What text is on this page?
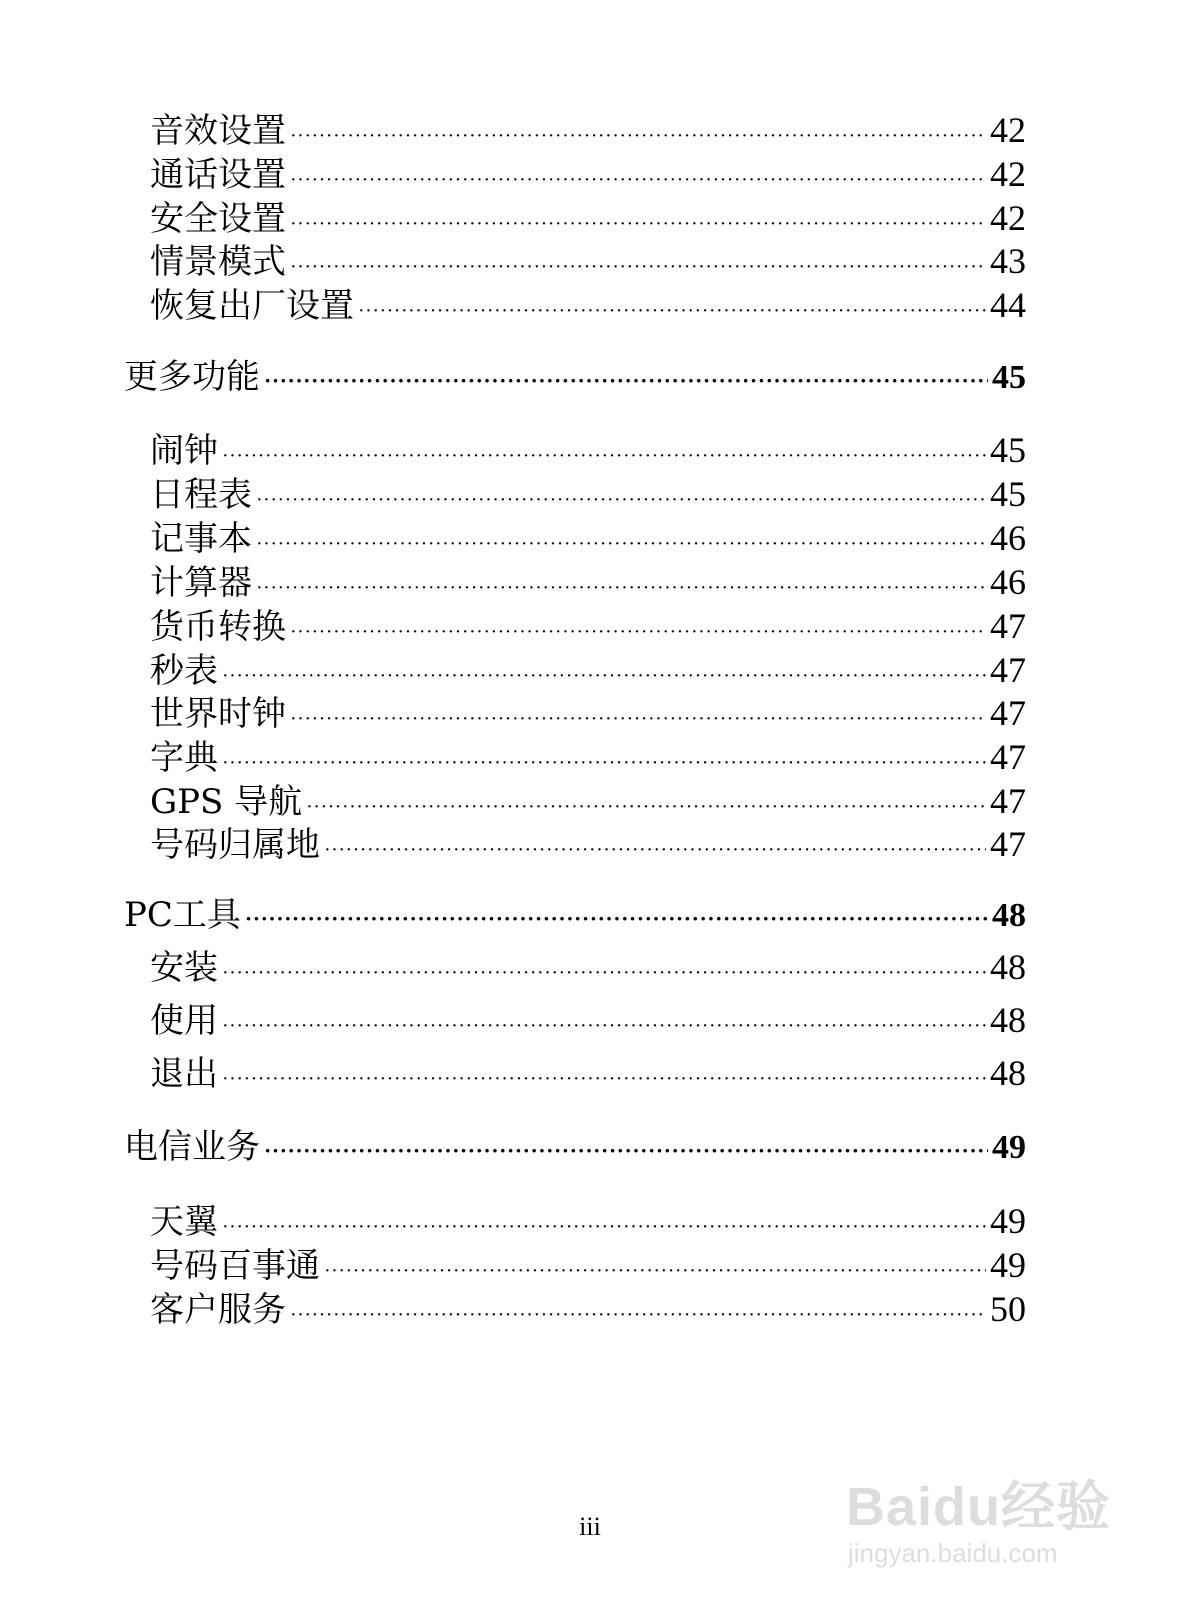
音效设置 ·····	42
通话设置 ·····	42
安全设置 ·····	42
情景模式 ·····	43
恢复出厂设置 ·····	44
更多功能 ·····	45
闹钟 ·····	45
日程表 ·····	45
记事本 ·····	46
计算器 ·····	46
货币转换 ·····	47
秒表 ·····	47
世界时钟 ·····	47
字典 ·····	47
GPS 导航 ·····	47
号码归属地 ·····	47
PC工具 ·····	48
安装 ·····	48
使用 ·····	48
退出 ·····	48
电信业务 ·····	49
天翼 ·····	49
号码百事通 ·····	49
客户服务 ·····	50
iii	Baidu经验
jingyan.baidu.com
